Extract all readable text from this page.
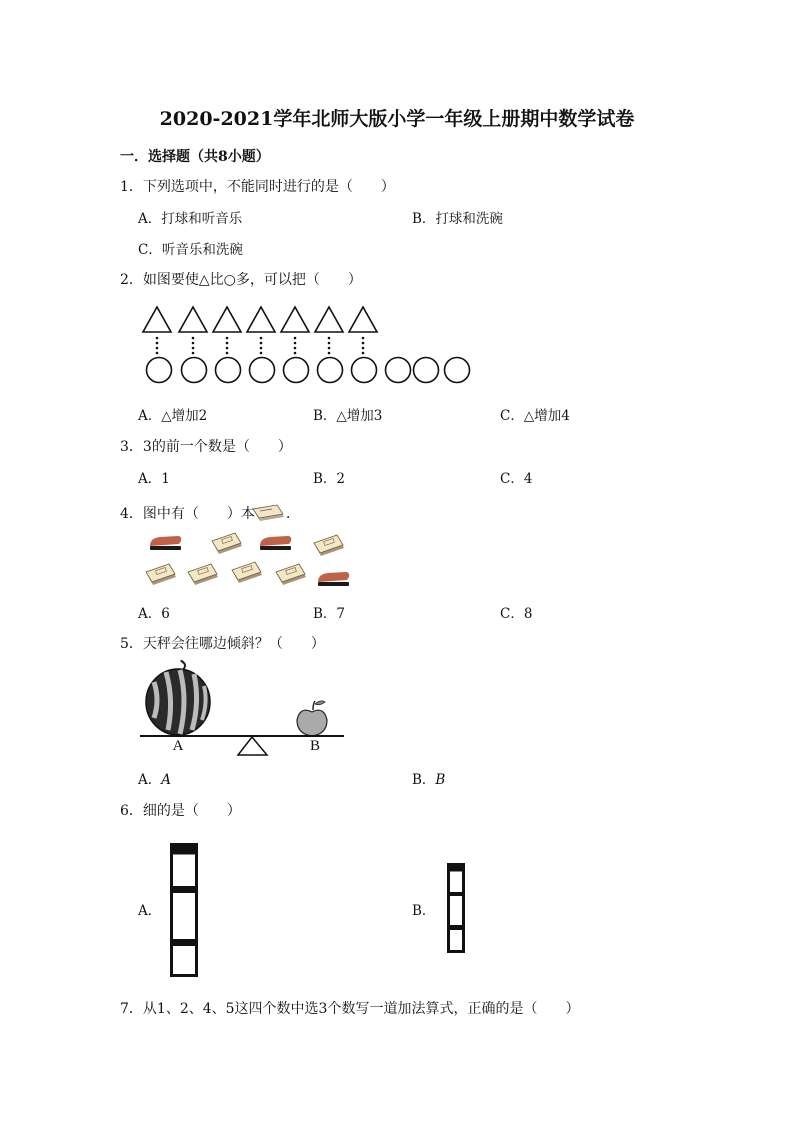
2020-2021学年北师大版小学一年级上册期中数学试卷
一．选择题（共8小题）
1．下列选项中，不能同时进行的是（　　）
A．打球和听音乐	B．打球和洗碗
C．听音乐和洗碗
2．如图要使△比○多，可以把（　　）
A．△增加2	B．△增加3	C．△增加4
3．3的前一个数是（　　）
A．1	B．2	C．4
4．图中有（　　）本 ．
A．6	B．7	C．8
5．天秤会往哪边倾斜？（　　）
A	B
A．A	B．B
6．细的是（　　）
A．	B．
7．从1、2、4、5这四个数中选3个数写一道加法算式，正确的是（　　）
